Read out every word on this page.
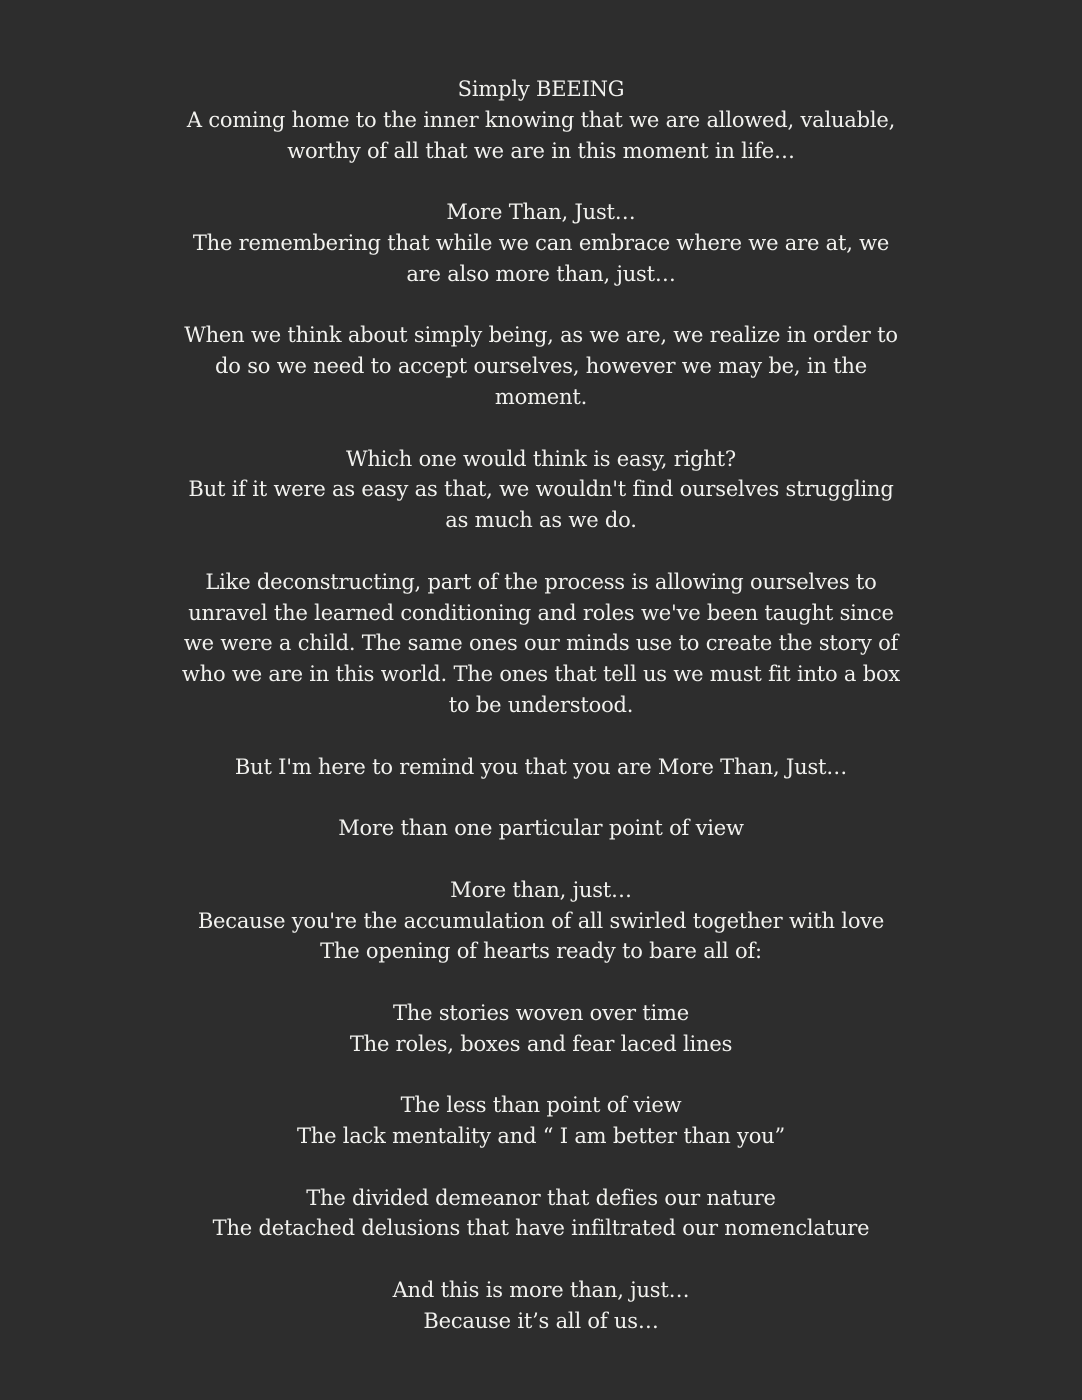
Simply BEEING
A coming home to the inner knowing that we are allowed, valuable, worthy of all that we are in this moment in life…
More Than, Just…
The remembering that while we can embrace where we are at, we are also more than, just…
When we think about simply being, as we are, we realize in order to do so we need to accept ourselves, however we may be, in the moment.
Which one would think is easy, right?
But if it were as easy as that, we wouldn't find ourselves struggling as much as we do.
Like deconstructing, part of the process is allowing ourselves to unravel the learned conditioning and roles we've been taught since we were a child. The same ones our minds use to create the story of who we are in this world. The ones that tell us we must fit into a box to be understood.
But I'm here to remind you that you are More Than, Just…
More than one particular point of view
More than, just…
Because you're the accumulation of all swirled together with love
The opening of hearts ready to bare all of:
The stories woven over time
The roles, boxes and fear laced lines
The less than point of view
The lack mentality and “ I am better than you”
The divided demeanor that defies our nature
The detached delusions that have infiltrated our nomenclature
And this is more than, just…
Because it’s all of us…
